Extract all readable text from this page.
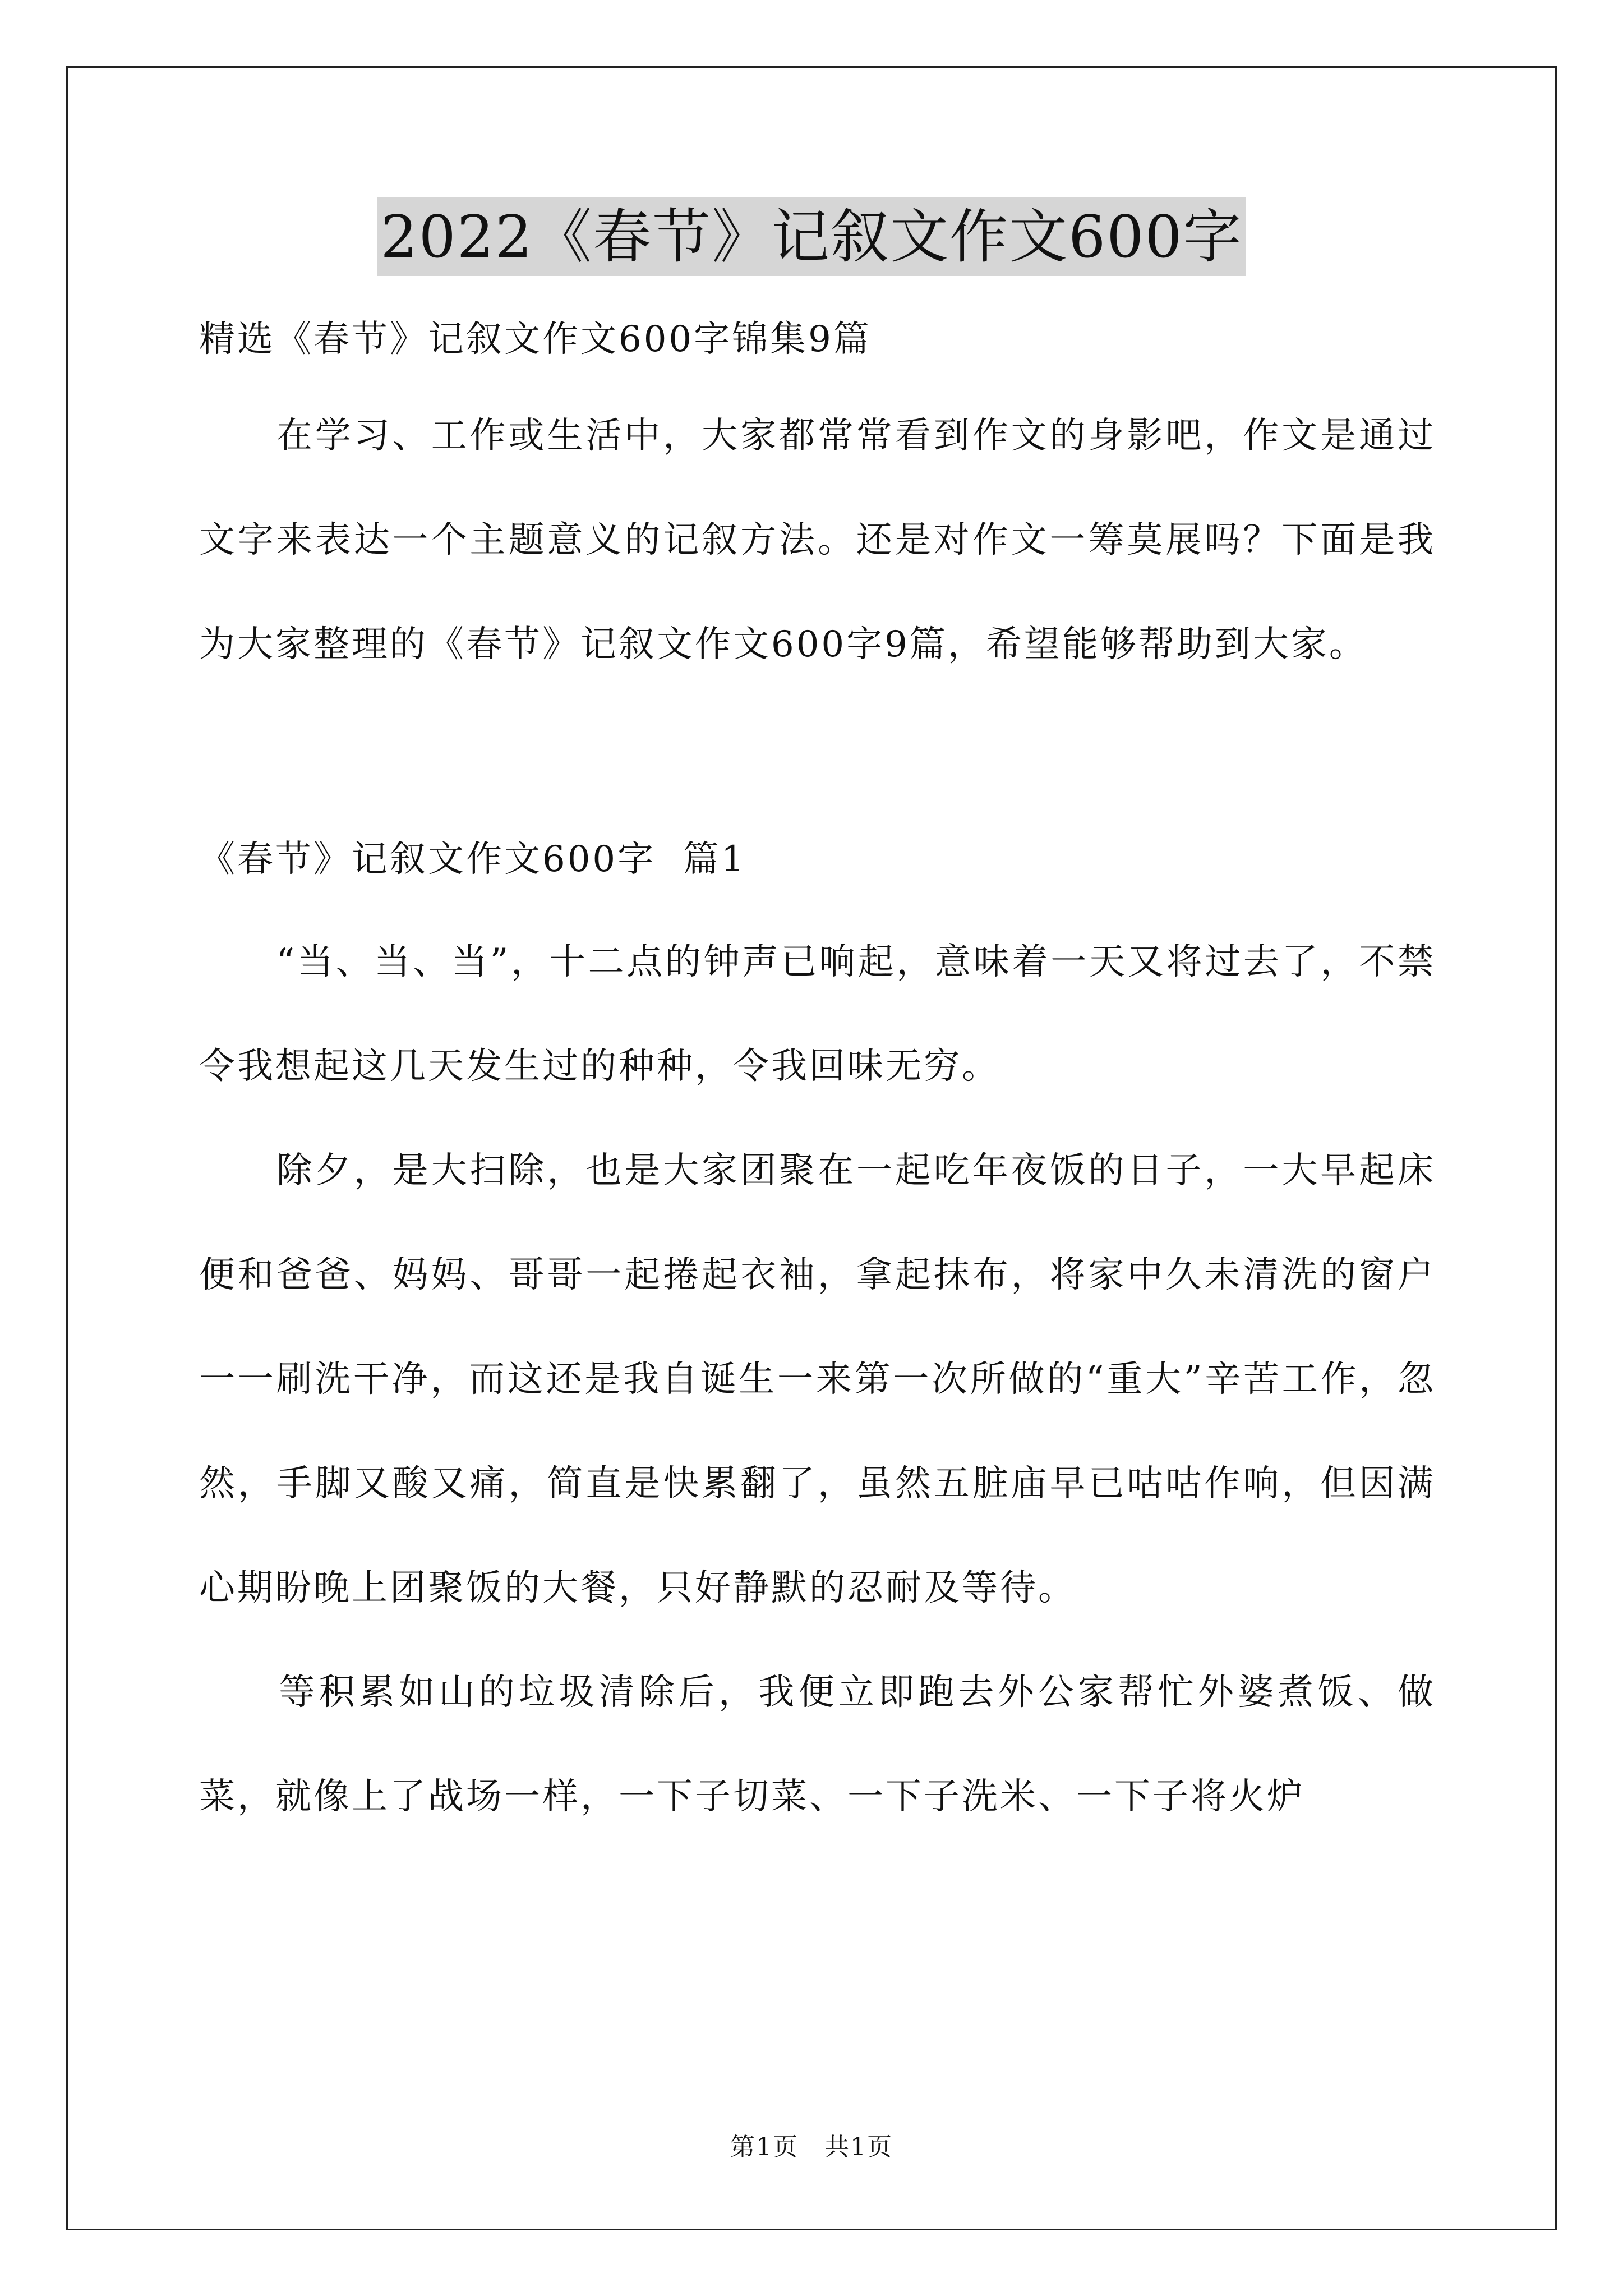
2022《春节》记叙文作文600字
精选《春节》记叙文作文600字锦集9篇
　　在学习、工作或生活中，大家都常常看到作文的身影吧，作文是通过文字来表达一个主题意义的记叙方法。还是对作文一筹莫展吗？下面是我为大家整理的《春节》记叙文作文600字9篇，希望能够帮助到大家。
《春节》记叙文作文600字  篇1
　　“当、当、当”，十二点的钟声已响起，意味着一天又将过去了，不禁令我想起这几天发生过的种种，令我回味无穷。
　　除夕，是大扫除，也是大家团聚在一起吃年夜饭的日子，一大早起床便和爸爸、妈妈、哥哥一起捲起衣袖，拿起抹布，将家中久未清洗的窗户一一刷洗干净，而这还是我自诞生一来第一次所做的“重大”辛苦工作，忽然，手脚又酸又痛，简直是快累翻了，虽然五脏庙早已咕咕作响，但因满心期盼晚上团聚饭的大餐，只好静默的忍耐及等待。
　　等积累如山的垃圾清除后，我便立即跑去外公家帮忙外婆煮饭、做菜，就像上了战场一样，一下子切菜、一下子洗米、一下子将火炉
第1页　共1页
